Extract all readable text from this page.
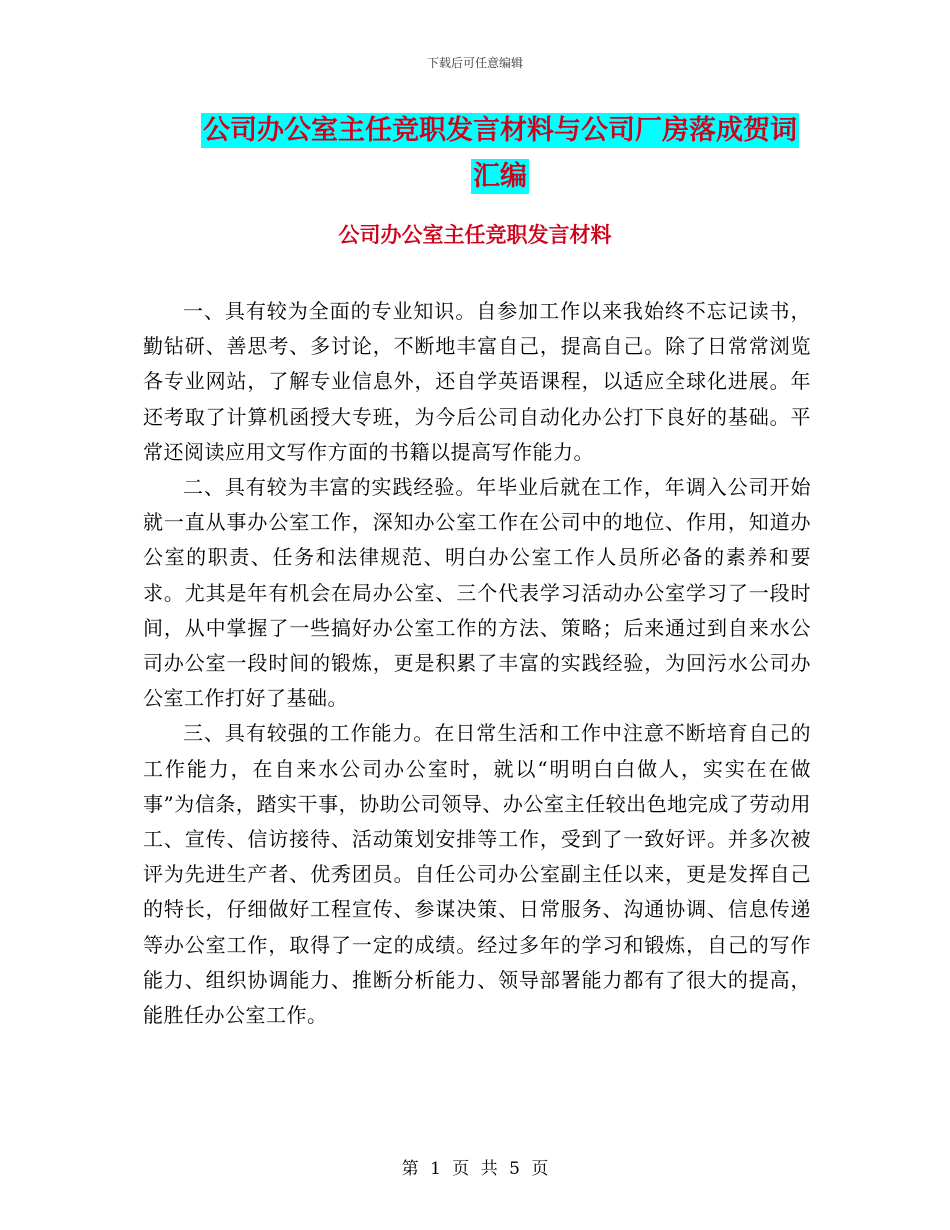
下载后可任意编辑
公司办公室主任竞职发言材料与公司厂房落成贺词汇编
公司办公室主任竞职发言材料

一、具有较为全面的专业知识。自参加工作以来我始终不忘记读书，勤钻研、善思考、多讨论，不断地丰富自己，提高自己。除了日常常浏览各专业网站，了解专业信息外，还自学英语课程，以适应全球化进展。年还考取了计算机函授大专班，为今后公司自动化办公打下良好的基础。平常还阅读应用文写作方面的书籍以提高写作能力。

二、具有较为丰富的实践经验。年毕业后就在工作，年调入公司开始就一直从事办公室工作，深知办公室工作在公司中的地位、作用，知道办公室的职责、任务和法律规范、明白办公室工作人员所必备的素养和要求。尤其是年有机会在局办公室、三个代表学习活动办公室学习了一段时间，从中掌握了一些搞好办公室工作的方法、策略；后来通过到自来水公司办公室一段时间的锻炼，更是积累了丰富的实践经验，为回污水公司办公室工作打好了基础。

三、具有较强的工作能力。在日常生活和工作中注意不断培育自己的工作能力，在自来水公司办公室时，就以“明明白白做人，实实在在做事”为信条，踏实干事，协助公司领导、办公室主任较出色地完成了劳动用工、宣传、信访接待、活动策划安排等工作，受到了一致好评。并多次被评为先进生产者、优秀团员。自任公司办公室副主任以来，更是发挥自己的特长，仔细做好工程宣传、参谋决策、日常服务、沟通协调、信息传递等办公室工作，取得了一定的成绩。经过多年的学习和锻炼，自己的写作能力、组织协调能力、推断分析能力、领导部署能力都有了很大的提高，能胜任办公室工作。

第 1 页 共 5 页
